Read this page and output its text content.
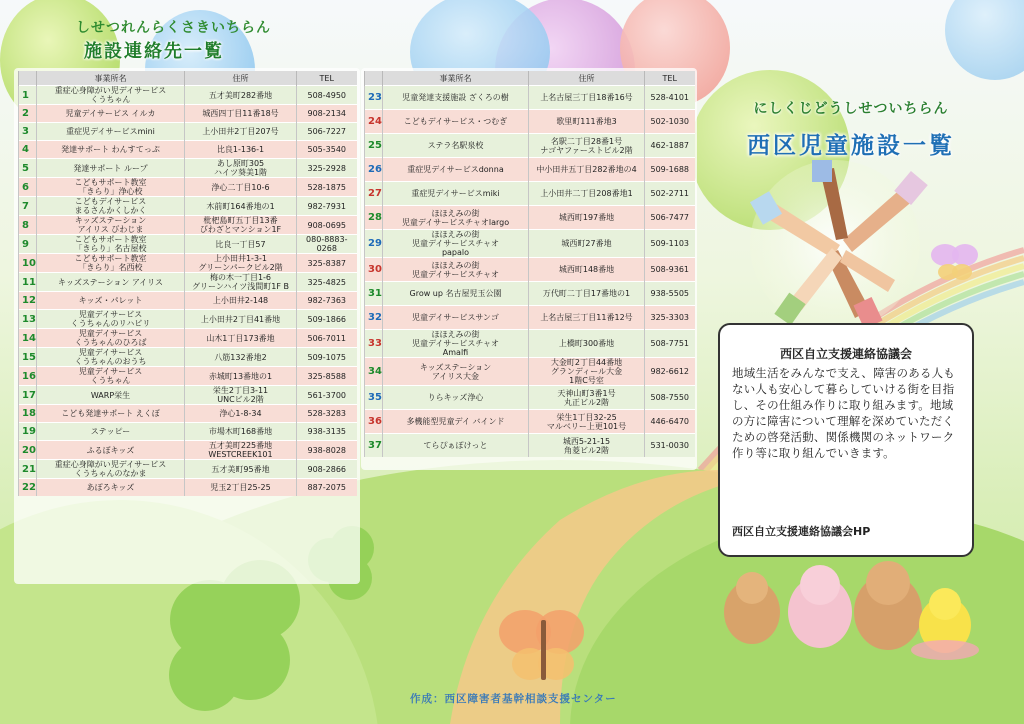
しせつれんらくさきいちらん
施設連絡先一覧
	事業所名	住所	TEL
1	重症心身障がい児デイサービス
くうちゃん	五才美町282番地	508-4950
2	児童デイサービス イルカ	城西四丁目11番18号	908-2134
3	重症児デイサービスmini	上小田井2丁目207号	506-7227
4	発達サポート わんすてっぷ	比良1-136-1	505-3540
5	発達サポート ループ	あし原町305
ハイツ葵美1階	325-2928
6	こどもサポート教室
「きらり」浄心校	浄心二丁目10-6	528-1875
7	こどもデイサービス
まるさんかくしかく	木前町164番地の1	982-7931
8	キッズステーション
アイリス びわじま	枇杷島町五丁目13番
びわざとマンション1F	908-0695
9	こどもサポート教室
「きらり」名古屋校	比良一丁目57	080-8883-0268
10	こどもサポート教室
「きらり」名西校	上小田井1-3-1
グリーンパークビル2階	325-8387
11	キッズステーション アイリス	梅の木一丁目1-6
グリーンハイツ浅間町1F B	325-4825
12	キッズ・パレット	上小田井2-148	982-7363
13	児童デイサービス
くうちゃんのリハビリ	上小田井2丁目41番地	509-1866
14	児童デイサービス
くうちゃんのひろば	山木1丁目173番地	506-7011
15	児童デイサービス
くうちゃんのおうち	八筋132番地2	509-1075
16	児童デイサービス
くうちゃん	赤城町13番地の1	325-8588
17	WARP栄生	栄生2丁目3-11
UNCビル2階	561-3700
18	こども発達サポート えくぼ	浄心1-8-34	528-3283
19	ステッピー	市場木町168番地	938-3135
20	ふるぼキッズ	五才美町225番地
WESTCREEK101	938-8028
21	重症心身障がい児デイサービス
くうちゃんのなかま	五才美町95番地	908-2866
22	あぽろキッズ	児玉2丁目25-25	887-2075
	事業所名	住所	TEL
23	児童発達支援施設 ざくろの樹	上名古屋三丁目18番16号	528-4101
24	こどもデイサービス・つむぎ	歌里町111番地3	502-1030
25	ステラ名駅泉校	名駅二丁目28番1号
ナゴヤファーストビル2階	462-1887
26	重症児デイサービスdonna	中小田井五丁目282番地の4	509-1688
27	重症児デイサービスmiki	上小田井二丁目208番地1	502-2711
28	ほほえみの街
児童デイサービスチャオlargo	城西町197番地	506-7477
29	ほほえみの街
児童デイサービスチャオ
papalo	城西町27番地	509-1103
30	ほほえみの街
児童デイサービスチャオ	城西町148番地	508-9361
31	Grow up 名古屋児玉公園	万代町二丁目17番地の1	938-5505
32	児童デイサービスサンゴ	上名古屋三丁目11番12号	325-3303
33	ほほえみの街
児童デイサービスチャオ
Amalfi	上橋町300番地	508-7751
34	キッズステーション
アイリス大金	大金町2丁目44番地
グランディール大金
1階C号室	982-6612
35	りらキッズ浄心	天神山町3番1号
丸正ビル2階	508-7550
36	多機能型児童デイ バインド	栄生1丁目32-25
マルベリー上更101号	446-6470
37	てらぴぁぽけっと	城西5-21-15
角菱ビル2階	531-0030
にしくじどうしせついちらん
西区児童施設一覧
西区自立支援連絡協議会
地域生活をみんなで支え、障害のある人もない人も安心して暮らしていける街を目指し、その仕組み作りに取り組みます。地域の方に障害について理解を深めていただくための啓発活動、関係機関のネットワーク作り等に取り組んでいきます。
西区自立支援連絡協議会HP
作成：西区障害者基幹相談支援センター
